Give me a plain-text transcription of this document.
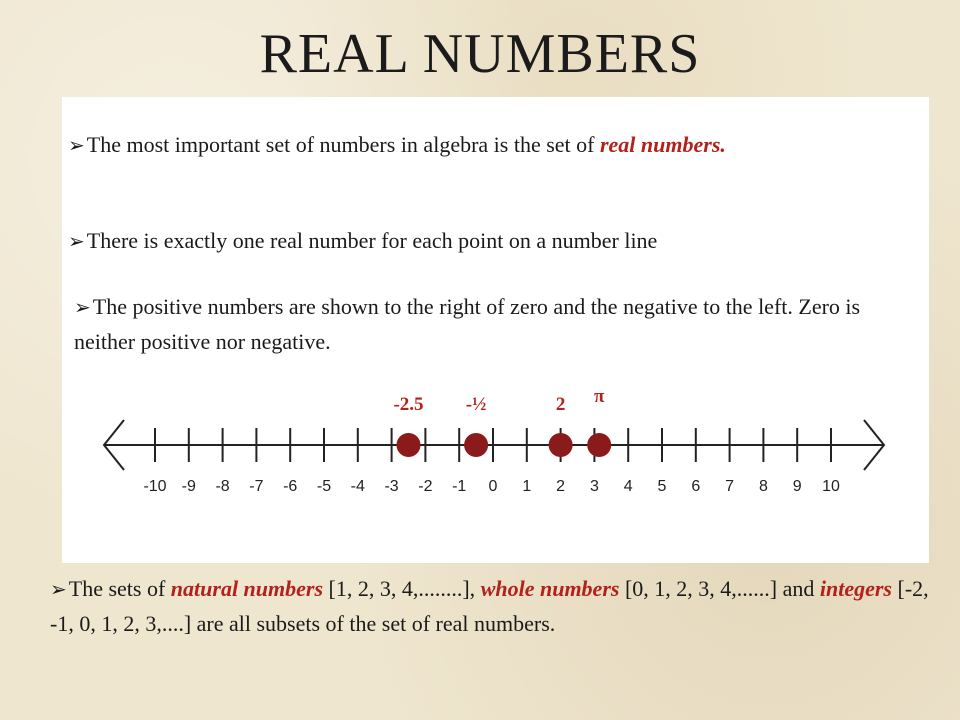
REAL NUMBERS
➢The most important set of numbers in algebra is the set of real numbers.
➢There is exactly one real number for each point on a number line
➢The positive numbers are shown to the right of zero and the negative to the left. Zero is neither positive nor negative.
-10 -9 -8 -7 -6 -5 -4 -3 -2 -1 0 1 2 3 4 5 6 7 8 9 10
-2.5 -½	2 π
➢The sets of natural numbers [1, 2, 3, 4,........], whole numbers [0, 1, 2, 3, 4,......] and integers [-2, -1, 0, 1, 2, 3,....] are all subsets of the set of real numbers.
